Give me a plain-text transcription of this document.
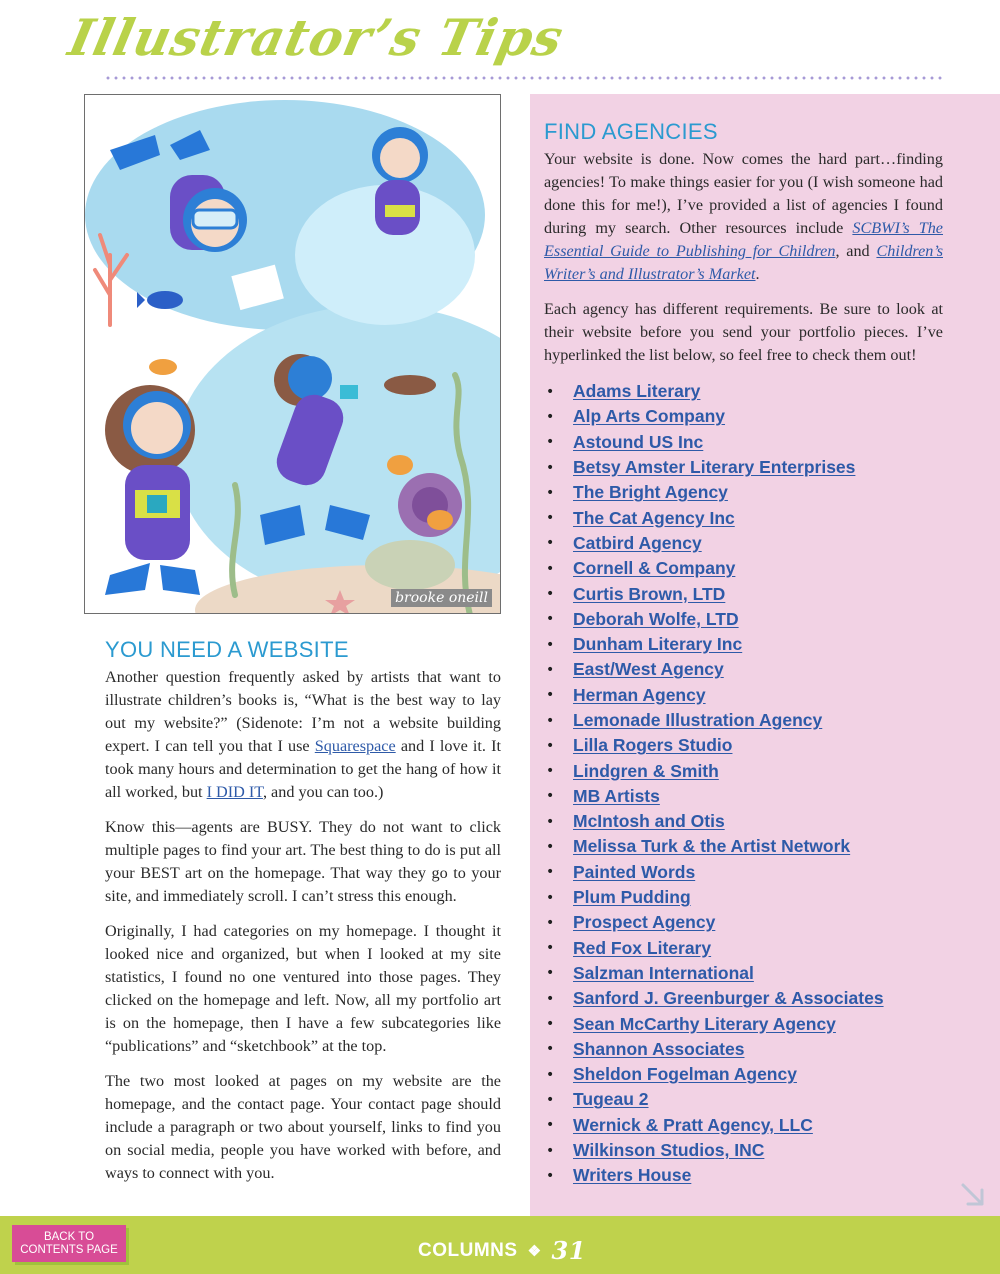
Illustrator’s Tips
brooke oneill
YOU NEED A WEBSITE

Another question frequently asked by artists that want to illustrate children’s books is, “What is the best way to lay out my website?” (Sidenote: I’m not a website building expert. I can tell you that I use Squarespace and I love it. It took many hours and determination to get the hang of how it all worked, but I DID IT, and you can too.)

Know this—agents are BUSY. They do not want to click multiple pages to find your art. The best thing to do is put all your BEST art on the homepage. That way they go to your site, and immediately scroll. I can’t stress this enough.

Originally, I had categories on my homepage. I thought it looked nice and organized, but when I looked at my site statistics, I found no one ventured into those pages. They clicked on the homepage and left. Now, all my portfolio art is on the homepage, then I have a few subcategories like “publications” and “sketchbook” at the top.

The two most looked at pages on my website are the homepage, and the contact page. Your contact page should include a paragraph or two about yourself, links to find you on social media, people you have worked with before, and ways to connect with you.

FIND AGENCIES

Your website is done. Now comes the hard part…finding agencies! To make things easier for you (I wish someone had done this for me!), I’ve provided a list of agencies I found during my search. Other resources include SCBWI’s The Essential Guide to Publishing for Children, and Children’s Writer’s and Illustrator’s Market.

Each agency has different requirements. Be sure to look at their website before you send your portfolio pieces. I’ve hyperlinked the list below, so feel free to check them out!

•	Adams Literary
•	Alp Arts Company
•	Astound US Inc
•	Betsy Amster Literary Enterprises
•	The Bright Agency
•	The Cat Agency Inc
•	Catbird Agency
•	Cornell & Company
•	Curtis Brown, LTD
•	Deborah Wolfe, LTD
•	Dunham Literary Inc
•	East/West Agency
•	Herman Agency
•	Lemonade Illustration Agency
•	Lilla Rogers Studio
•	Lindgren & Smith
•	MB Artists
•	McIntosh and Otis
•	Melissa Turk & the Artist Network
•	Painted Words
•	Plum Pudding
•	Prospect Agency
•	Red Fox Literary
•	Salzman International
•	Sanford J. Greenburger & Associates
•	Sean McCarthy Literary Agency
•	Shannon Associates
•	Sheldon Fogelman Agency
•	Tugeau 2
•	Wernick & Pratt Agency, LLC
•	Wilkinson Studios, INC
•	Writers House
BACK TO
CONTENTS PAGE	COLUMNS ❖ 31
